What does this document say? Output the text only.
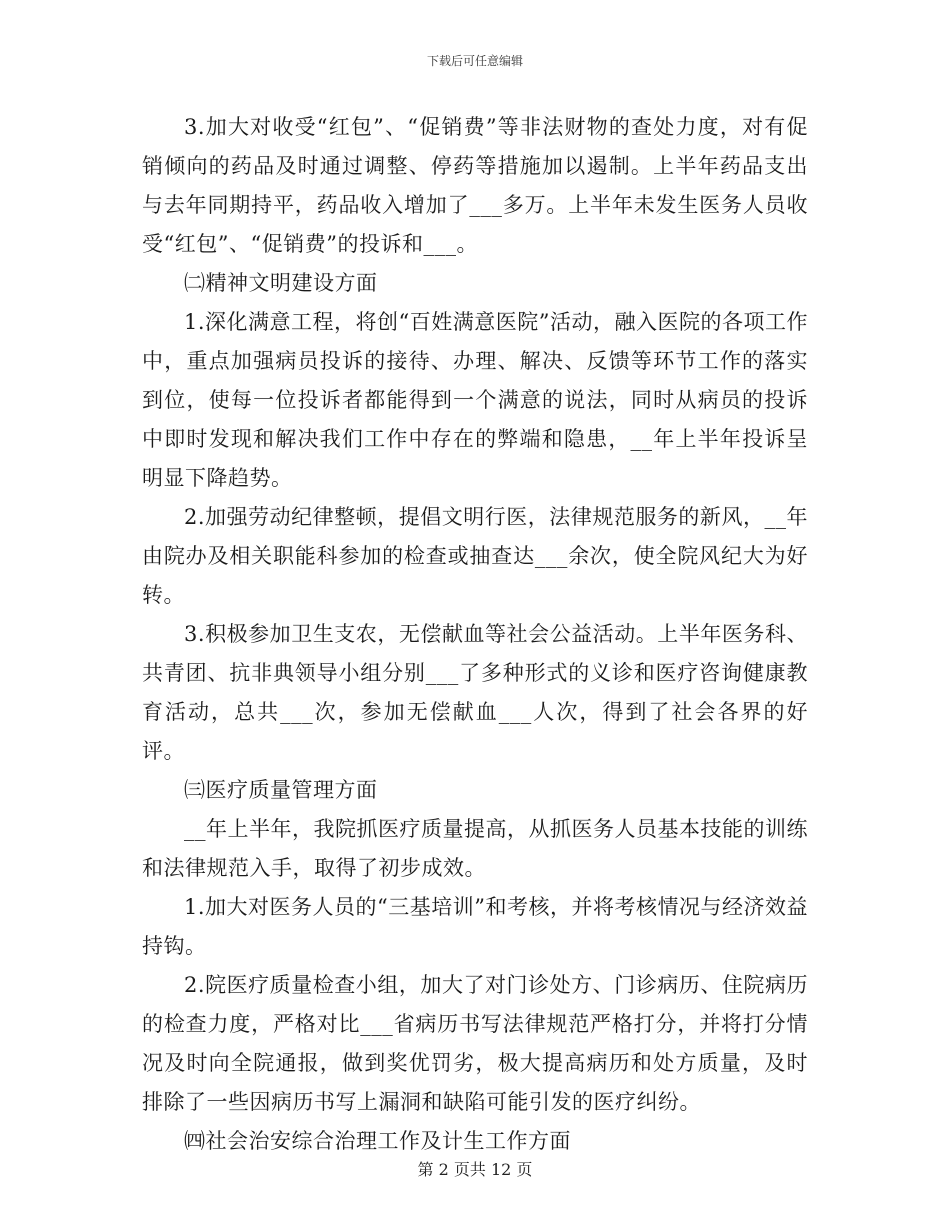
下载后可任意编辑

3.加大对收受“红包”、“促销费”等非法财物的查处力度，对有促销倾向的药品及时通过调整、停药等措施加以遏制。上半年药品支出与去年同期持平，药品收入增加了___多万。上半年未发生医务人员收受“红包”、“促销费”的投诉和___。

㈡精神文明建设方面

1.深化满意工程，将创“百姓满意医院”活动，融入医院的各项工作中，重点加强病员投诉的接待、办理、解决、反馈等环节工作的落实到位，使每一位投诉者都能得到一个满意的说法，同时从病员的投诉中即时发现和解决我们工作中存在的弊端和隐患，__年上半年投诉呈明显下降趋势。

2.加强劳动纪律整顿，提倡文明行医，法律规范服务的新风，__年由院办及相关职能科参加的检查或抽查达___余次，使全院风纪大为好转。

3.积极参加卫生支农，无偿献血等社会公益活动。上半年医务科、共青团、抗非典领导小组分别___了多种形式的义诊和医疗咨询健康教育活动，总共___次，参加无偿献血___人次，得到了社会各界的好评。

㈢医疗质量管理方面

__年上半年，我院抓医疗质量提高，从抓医务人员基本技能的训练和法律规范入手，取得了初步成效。

1.加大对医务人员的“三基培训”和考核，并将考核情况与经济效益持钩。

2.院医疗质量检查小组，加大了对门诊处方、门诊病历、住院病历的检查力度，严格对比___省病历书写法律规范严格打分，并将打分情况及时向全院通报，做到奖优罚劣，极大提高病历和处方质量，及时排除了一些因病历书写上漏洞和缺陷可能引发的医疗纠纷。

㈣社会治安综合治理工作及计生工作方面

第 2 页共 12 页
